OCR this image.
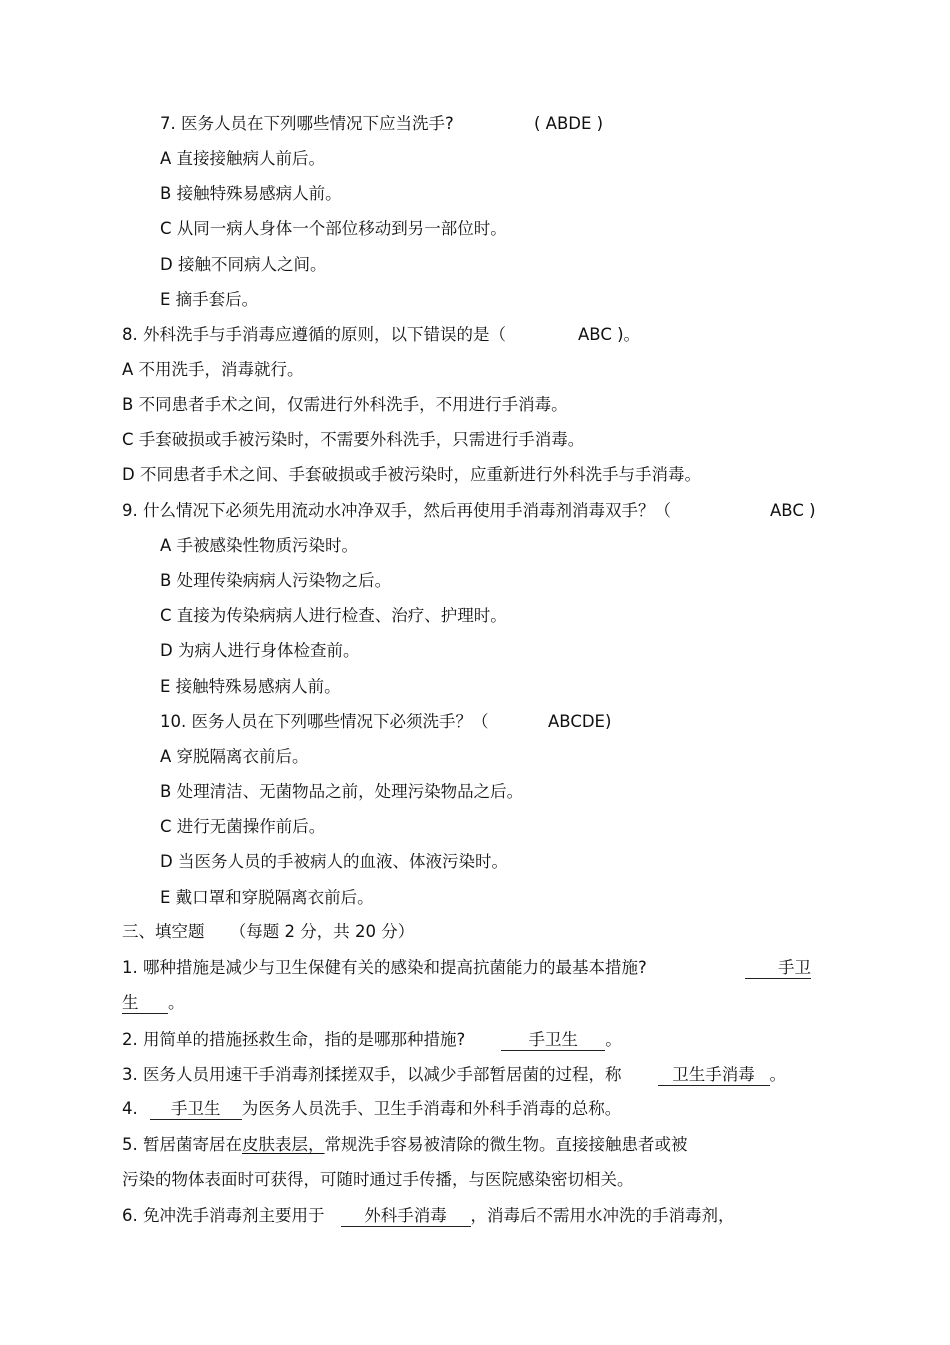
7. 医务人员在下列哪些情况下应当洗手?	( ABDE )
A 直接接触病人前后。
B 接触特殊易感病人前。
C 从同一病人身体一个部位移动到另一部位时。
D 接触不同病人之间。
E 摘手套后。
8. 外科洗手与手消毒应遵循的原则，以下错误的是（	ABC )。
A 不用洗手，消毒就行。
B 不同患者手术之间，仅需进行外科洗手，不用进行手消毒。
C 手套破损或手被污染时，不需要外科洗手，只需进行手消毒。
D 不同患者手术之间、手套破损或手被污染时，应重新进行外科洗手与手消毒。
9. 什么情况下必须先用流动水冲净双手，然后再使用手消毒剂消毒双手？（	ABC )
A 手被感染性物质污染时。
B 处理传染病病人污染物之后。
C 直接为传染病病人进行检查、治疗、护理时。
D 为病人进行身体检查前。
E 接触特殊易感病人前。
10. 医务人员在下列哪些情况下必须洗手？（	ABCDE)
A 穿脱隔离衣前后。
B 处理清洁、无菌物品之前，处理污染物品之后。
C 进行无菌操作前后。
D 当医务人员的手被病人的血液、体液污染时。
E 戴口罩和穿脱隔离衣前后。
三、填空题 （每题 2 分，共 20 分）
1. 哪种措施是减少与卫生保健有关的感染和提高抗菌能力的最基本措施?	手卫
生 。
2. 用简单的措施拯救生命，指的是哪那种措施?	手卫生 。
3. 医务人员用速干手消毒剂揉搓双手，以减少手部暂居菌的过程，称	卫生手消毒 。
4. 手卫生 为医务人员洗手、卫生手消毒和外科手消毒的总称。
5. 暂居菌寄居在皮肤表层，常规洗手容易被清除的微生物。直接接触患者或被
污染的物体表面时可获得，可随时通过手传播，与医院感染密切相关。
6. 免冲洗手消毒剂主要用于 外科手消毒 ，消毒后不需用水冲洗的手消毒剂，
